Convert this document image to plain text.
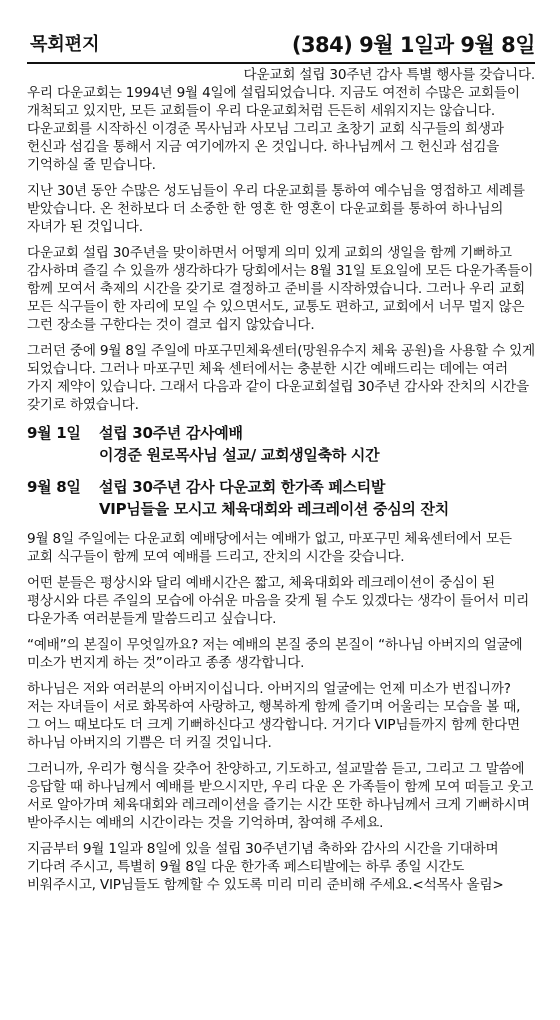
목회편지	(384) 9월 1일과 9월 8일
다운교회 설립 30주년 감사 특별 행사를 갖습니다.

우리 다운교회는 1994년 9월 4일에 설립되었습니다. 지금도 여전히 수많은 교회들이 개척되고 있지만, 모든 교회들이 우리 다운교회처럼 든든히 세워지지는 않습니다. 다운교회를 시작하신 이경준 목사님과 사모님 그리고 초창기 교회 식구들의 희생과 헌신과 섬김을 통해서 지금 여기에까지 온 것입니다. 하나님께서 그 헌신과 섬김을 기억하실 줄 믿습니다.

지난 30년 동안 수많은 성도님들이 우리 다운교회를 통하여 예수님을 영접하고 세례를 받았습니다. 온 천하보다 더 소중한 한 영혼 한 영혼이 다운교회를 통하여 하나님의 자녀가 된 것입니다.

다운교회 설립 30주년을 맞이하면서 어떻게 의미 있게 교회의 생일을 함께 기뻐하고 감사하며 즐길 수 있을까 생각하다가 당회에서는 8월 31일 토요일에 모든 다운가족들이 함께 모여서 축제의 시간을 갖기로 결정하고 준비를 시작하였습니다. 그러나 우리 교회 모든 식구들이 한 자리에 모일 수 있으면서도, 교통도 편하고, 교회에서 너무 멀지 않은 그런 장소를 구한다는 것이 결코 쉽지 않았습니다.

그러던 중에 9월 8일 주일에 마포구민체육센터(망원유수지 체육 공원)을 사용할 수 있게 되었습니다. 그러나 마포구민 체육 센터에서는 충분한 시간 예배드리는 데에는 여러 가지 제약이 있습니다. 그래서 다음과 같이 다운교회설립 30주년 감사와 잔치의 시간을 갖기로 하였습니다.

9월 1일	설립 30주년 감사예배
이경준 원로목사님 설교/ 교회생일축하 시간
9월 8일	설립 30주년 감사 다운교회 한가족 페스티발
VIP님들을 모시고 체육대회와 레크레이션 중심의 잔치

9월 8일 주일에는 다운교회 예배당에서는 예배가 없고, 마포구민 체육센터에서 모든 교회 식구들이 함께 모여 예배를 드리고, 잔치의 시간을 갖습니다.

어떤 분들은 평상시와 달리 예배시간은 짧고, 체육대회와 레크레이션이 중심이 된 평상시와 다른 주일의 모습에 아쉬운 마음을 갖게 될 수도 있겠다는 생각이 들어서 미리 다운가족 여러분들게 말씀드리고 싶습니다.

“예배”의 본질이 무엇일까요? 저는 예배의 본질 중의 본질이 “하나님 아버지의 얼굴에 미소가 번지게 하는 것”이라고 종종 생각합니다.

하나님은 저와 여러분의 아버지이십니다. 아버지의 얼굴에는 언제 미소가 번집니까? 저는 자녀들이 서로 화목하여 사랑하고, 행복하게 함께 즐기며 어울리는 모습을 볼 때, 그 어느 때보다도 더 크게 기뻐하신다고 생각합니다. 거기다 VIP님들까지 함께 한다면 하나님 아버지의 기쁨은 더 커질 것입니다.

그러니까, 우리가 형식을 갖추어 찬양하고, 기도하고, 설교말씀 듣고, 그리고 그 말씀에 응답할 때 하나님께서 예배를 받으시지만, 우리 다운 온 가족들이 함께 모여 떠들고 웃고 서로 알아가며 체육대회와 레크레이션을 즐기는 시간 또한 하나님께서 크게 기뻐하시며 받아주시는 예배의 시간이라는 것을 기억하며, 참여해 주세요.

지금부터 9월 1일과 8일에 있을 설립 30주년기념 축하와 감사의 시간을 기대하며 기다려 주시고, 특별히 9월 8일 다운 한가족 페스티발에는 하루 종일 시간도 비워주시고, VIP님들도 함께할 수 있도록 미리 미리 준비해 주세요.<석목사 올림>
